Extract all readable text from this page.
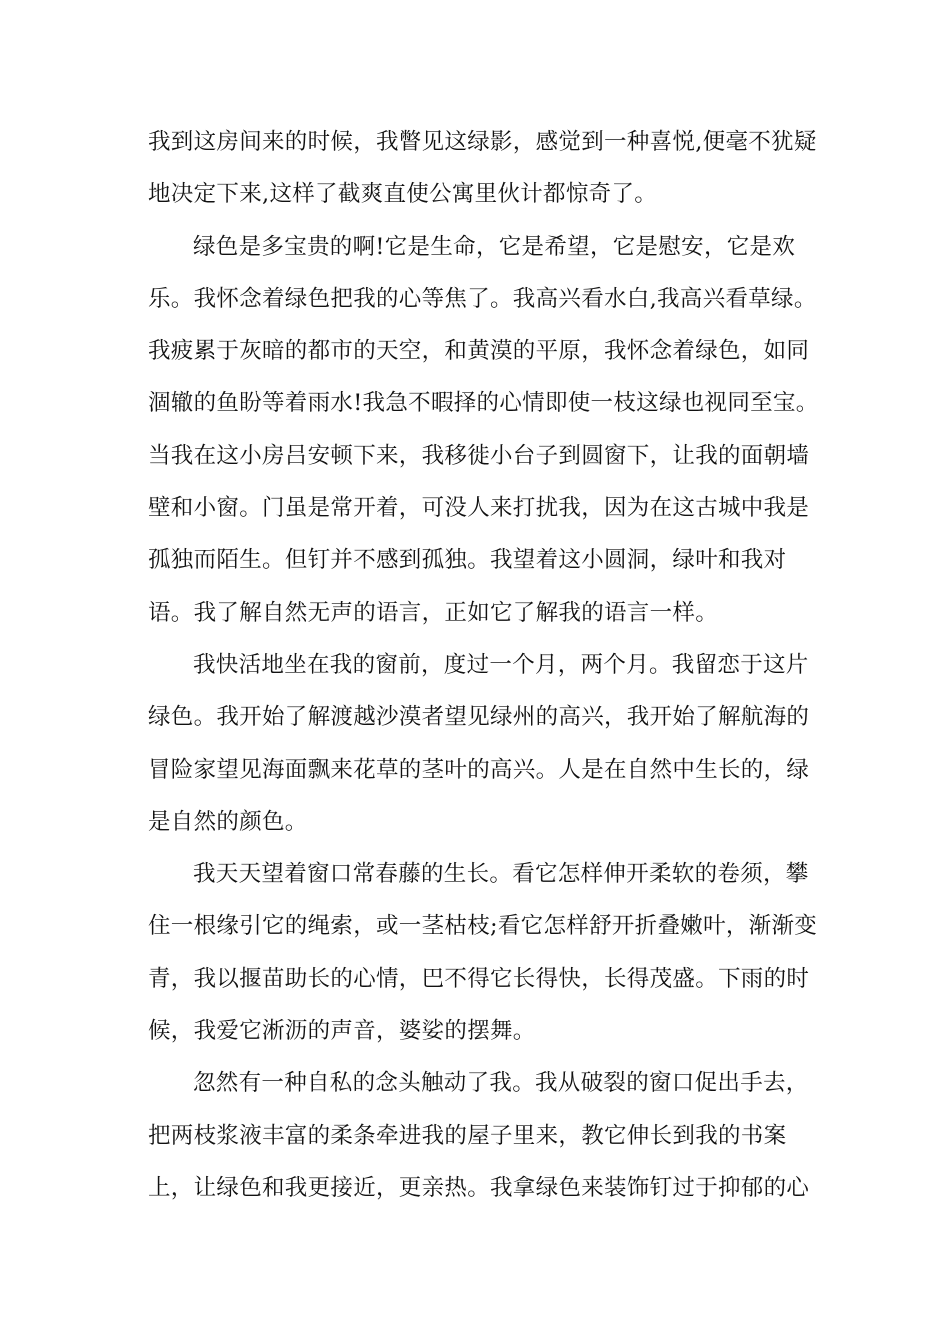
我到这房间来的时候，我瞥见这绿影，感觉到一种喜悦,便毫不犹疑
地决定下来,这样了截爽直使公寓里伙计都惊奇了。
绿色是多宝贵的啊!它是生命，它是希望，它是慰安，它是欢
乐。我怀念着绿色把我的心等焦了。我高兴看水白,我高兴看草绿。
我疲累于灰暗的都市的天空，和黄漠的平原，我怀念着绿色，如同
涸辙的鱼盼等着雨水!我急不暇择的心情即使一枝这绿也视同至宝。
当我在这小房吕安顿下来，我移徙小台子到圆窗下，让我的面朝墙
壁和小窗。门虽是常开着，可没人来打扰我，因为在这古城中我是
孤独而陌生。但钉并不感到孤独。我望着这小圆洞，绿叶和我对
语。我了解自然无声的语言，正如它了解我的语言一样。
我快活地坐在我的窗前，度过一个月，两个月。我留恋于这片
绿色。我开始了解渡越沙漠者望见绿州的高兴，我开始了解航海的
冒险家望见海面飘来花草的茎叶的高兴。人是在自然中生长的，绿
是自然的颜色。
我天天望着窗口常春藤的生长。看它怎样伸开柔软的卷须，攀
住一根缘引它的绳索，或一茎枯枝;看它怎样舒开折叠嫩叶，渐渐变
青，我以揠苗助长的心情，巴不得它长得快，长得茂盛。下雨的时
候，我爱它淅沥的声音，婆娑的摆舞。
忽然有一种自私的念头触动了我。我从破裂的窗口促出手去，
把两枝浆液丰富的柔条牵进我的屋子里来，教它伸长到我的书案
上，让绿色和我更接近，更亲热。我拿绿色来装饰钉过于抑郁的心
